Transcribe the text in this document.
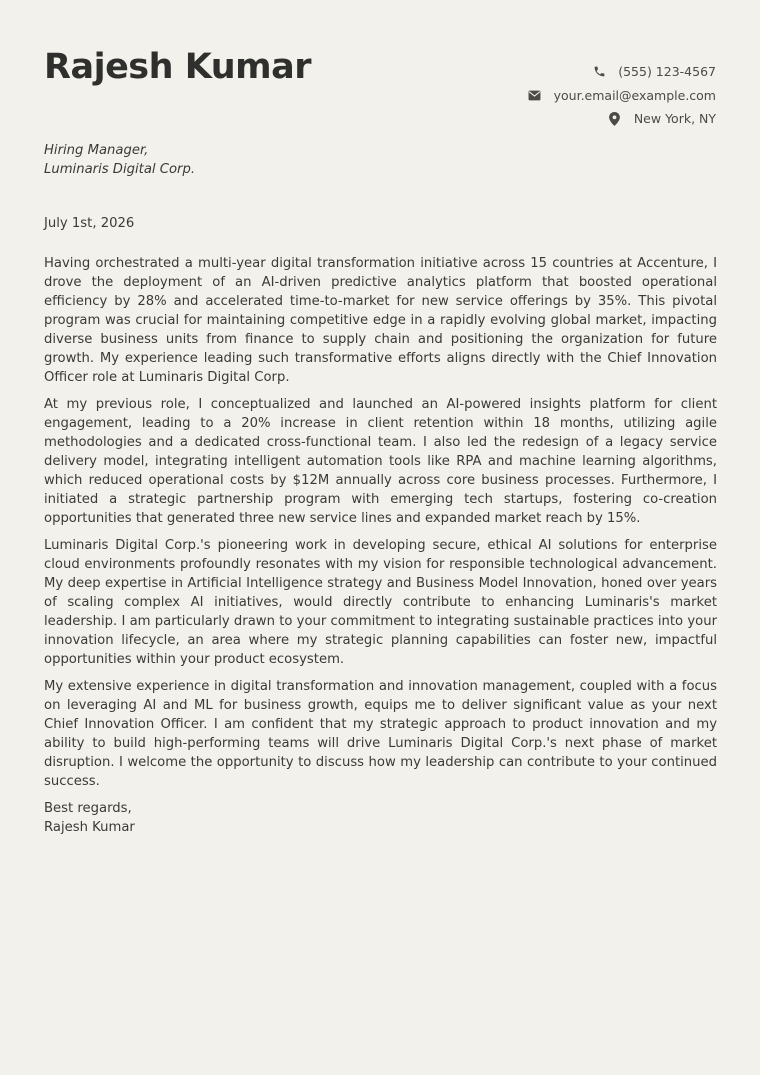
Rajesh Kumar	(555) 123-4567
your.email@example.com
New York, NY
Hiring Manager,
Luminaris Digital Corp.
July 1st, 2026

Having orchestrated a multi-year digital transformation initiative across 15 countries at Accenture, I drove the deployment of an AI-driven predictive analytics platform that boosted operational efficiency by 28% and accelerated time-to-market for new service offerings by 35%. This pivotal program was crucial for maintaining competitive edge in a rapidly evolving global market, impacting diverse business units from finance to supply chain and positioning the organization for future growth. My experience leading such transformative efforts aligns directly with the Chief Innovation Officer role at Luminaris Digital Corp.

At my previous role, I conceptualized and launched an AI-powered insights platform for client engagement, leading to a 20% increase in client retention within 18 months, utilizing agile methodologies and a dedicated cross-functional team. I also led the redesign of a legacy service delivery model, integrating intelligent automation tools like RPA and machine learning algorithms, which reduced operational costs by $12M annually across core business processes. Furthermore, I initiated a strategic partnership program with emerging tech startups, fostering co-creation opportunities that generated three new service lines and expanded market reach by 15%.

Luminaris Digital Corp.'s pioneering work in developing secure, ethical AI solutions for enterprise cloud environments profoundly resonates with my vision for responsible technological advancement. My deep expertise in Artificial Intelligence strategy and Business Model Innovation, honed over years of scaling complex AI initiatives, would directly contribute to enhancing Luminaris's market leadership. I am particularly drawn to your commitment to integrating sustainable practices into your innovation lifecycle, an area where my strategic planning capabilities can foster new, impactful opportunities within your product ecosystem.

My extensive experience in digital transformation and innovation management, coupled with a focus on leveraging AI and ML for business growth, equips me to deliver significant value as your next Chief Innovation Officer. I am confident that my strategic approach to product innovation and my ability to build high-performing teams will drive Luminaris Digital Corp.'s next phase of market disruption. I welcome the opportunity to discuss how my leadership can contribute to your continued success.

Best regards,
Rajesh Kumar
